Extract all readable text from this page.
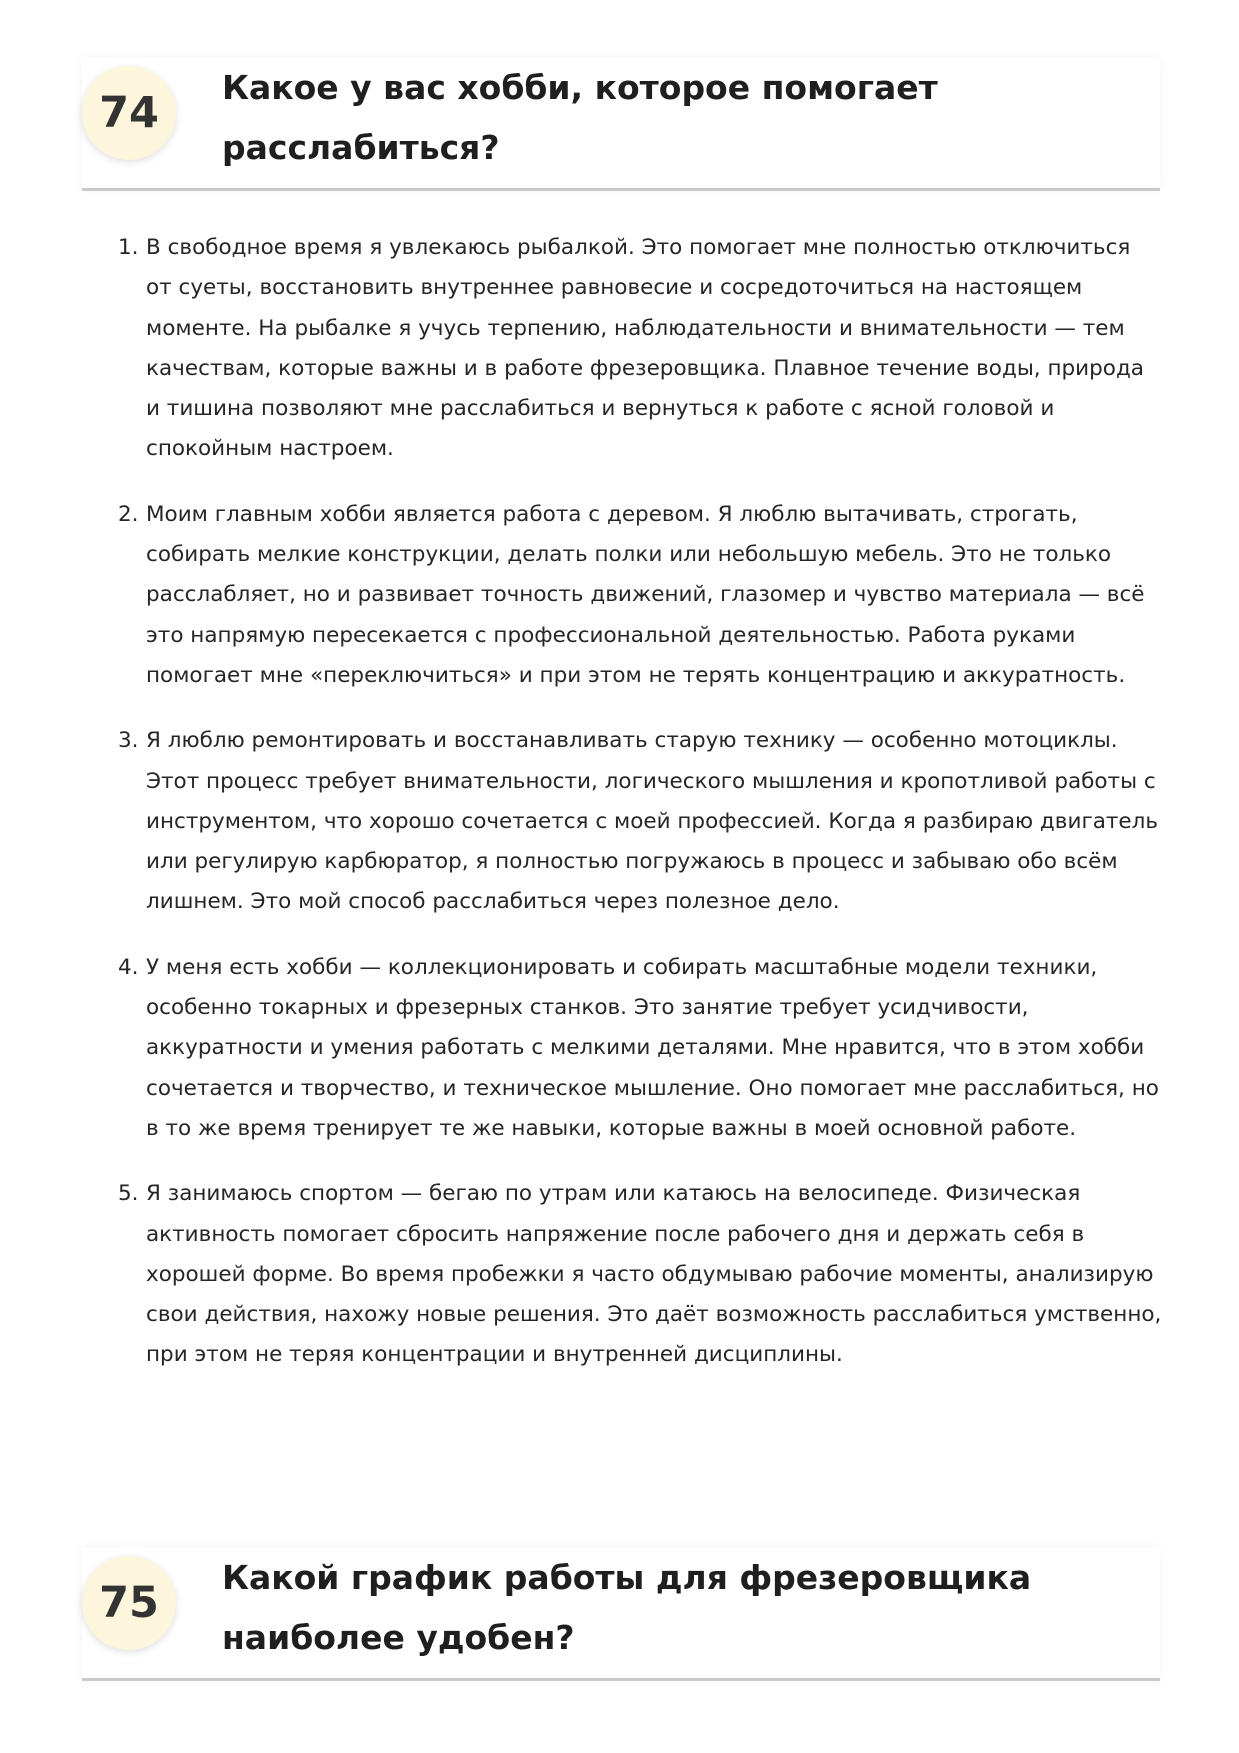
74
Какое у вас хобби, которое помогает расслабиться?
1. В свободное время я увлекаюсь рыбалкой. Это помогает мне полностью отключиться от суеты, восстановить внутреннее равновесие и сосредоточиться на настоящем моменте. На рыбалке я учусь терпению, наблюдательности и внимательности — тем качествам, которые важны и в работе фрезеровщика. Плавное течение воды, природа и тишина позволяют мне расслабиться и вернуться к работе с ясной головой и спокойным настроем.
2. Моим главным хобби является работа с деревом. Я люблю вытачивать, строгать, собирать мелкие конструкции, делать полки или небольшую мебель. Это не только расслабляет, но и развивает точность движений, глазомер и чувство материала — всё это напрямую пересекается с профессиональной деятельностью. Работа руками помогает мне «переключиться» и при этом не терять концентрацию и аккуратность.
3. Я люблю ремонтировать и восстанавливать старую технику — особенно мотоциклы. Этот процесс требует внимательности, логического мышления и кропотливой работы с инструментом, что хорошо сочетается с моей профессией. Когда я разбираю двигатель или регулирую карбюратор, я полностью погружаюсь в процесс и забываю обо всём лишнем. Это мой способ расслабиться через полезное дело.
4. У меня есть хобби — коллекционировать и собирать масштабные модели техники, особенно токарных и фрезерных станков. Это занятие требует усидчивости, аккуратности и умения работать с мелкими деталями. Мне нравится, что в этом хобби сочетается и творчество, и техническое мышление. Оно помогает мне расслабиться, но в то же время тренирует те же навыки, которые важны в моей основной работе.
5. Я занимаюсь спортом — бегаю по утрам или катаюсь на велосипеде. Физическая активность помогает сбросить напряжение после рабочего дня и держать себя в хорошей форме. Во время пробежки я часто обдумываю рабочие моменты, анализирую свои действия, нахожу новые решения. Это даёт возможность расслабиться умственно, при этом не теряя концентрации и внутренней дисциплины.
75
Какой график работы для фрезеровщика наиболее удобен?
